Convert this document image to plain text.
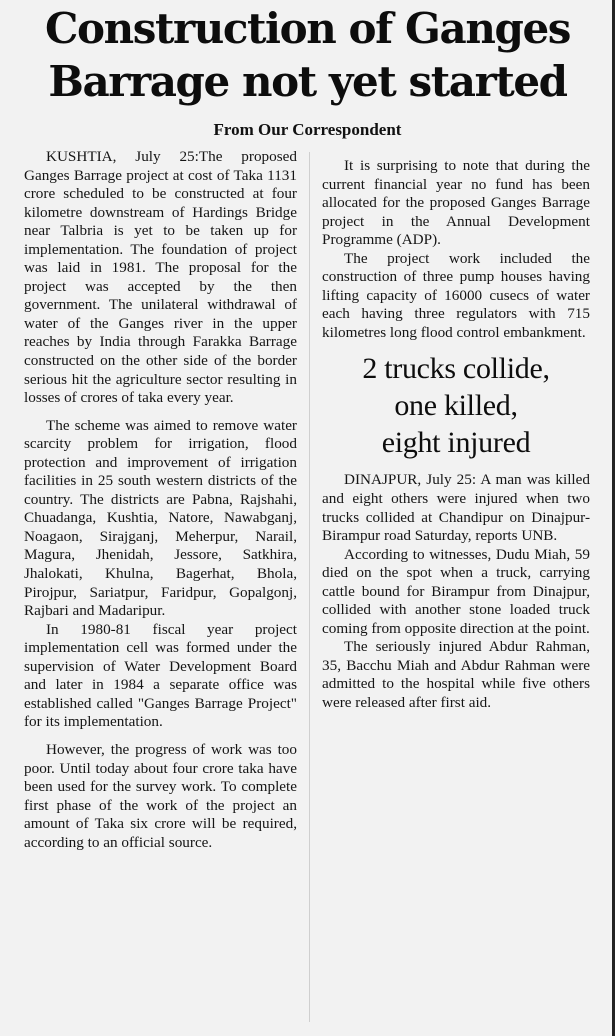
Construction of Ganges
Barrage not yet started
From Our Correspondent

KUSHTIA, July 25:The proposed Ganges Barrage project at cost of Taka 1131 crore scheduled to be constructed at four kilometre downstream of Hardings Bridge near Talbria is yet to be taken up for implementation. The foundation of project was laid in 1981. The proposal for the project was accepted by the then government. The unilateral withdrawal of water of the Ganges river in the upper reaches by India through Farakka Barrage constructed on the other side of the border serious hit the agriculture sector resulting in losses of crores of taka every year.

The scheme was aimed to remove water scarcity problem for irrigation, flood protection and improvement of irrigation facilities in 25 south western districts of the country. The districts are Pabna, Rajshahi, Chuadanga, Kushtia, Natore, Nawabganj, Noagaon, Sirajganj, Meherpur, Narail, Magura, Jhenidah, Jessore, Satkhira, Jhalokati, Khulna, Bagerhat, Bhola, Pirojpur, Sariatpur, Faridpur, Gopalgonj, Rajbari and Madaripur.

In 1980-81 fiscal year project implementation cell was formed under the supervision of Water Development Board and later in 1984 a separate office was established called "Ganges Barrage Project" for its implementation.

However, the progress of work was too poor. Until today about four crore taka have been used for the survey work. To complete first phase of the work of the project an amount of Taka six crore will be required, according to an official source.

It is surprising to note that during the current financial year no fund has been allocated for the proposed Ganges Barrage project in the Annual Development Programme (ADP).

The project work included the construction of three pump houses having lifting capacity of 16000 cusecs of water each having three regulators with 715 kilometres long flood control embankment.

2 trucks collide,
one killed,
eight injured

DINAJPUR, July 25: A man was killed and eight others were injured when two trucks collided at Chandipur on Dinajpur- Birampur road Saturday, reports UNB.

According to witnesses, Dudu Miah, 59 died on the spot when a truck, carrying cattle bound for Birampur from Dinajpur, collided with another stone loaded truck coming from opposite direction at the point.

The seriously injured Abdur Rahman, 35, Bacchu Miah and Abdur Rahman were admitted to the hospital while five others were released after first aid.
